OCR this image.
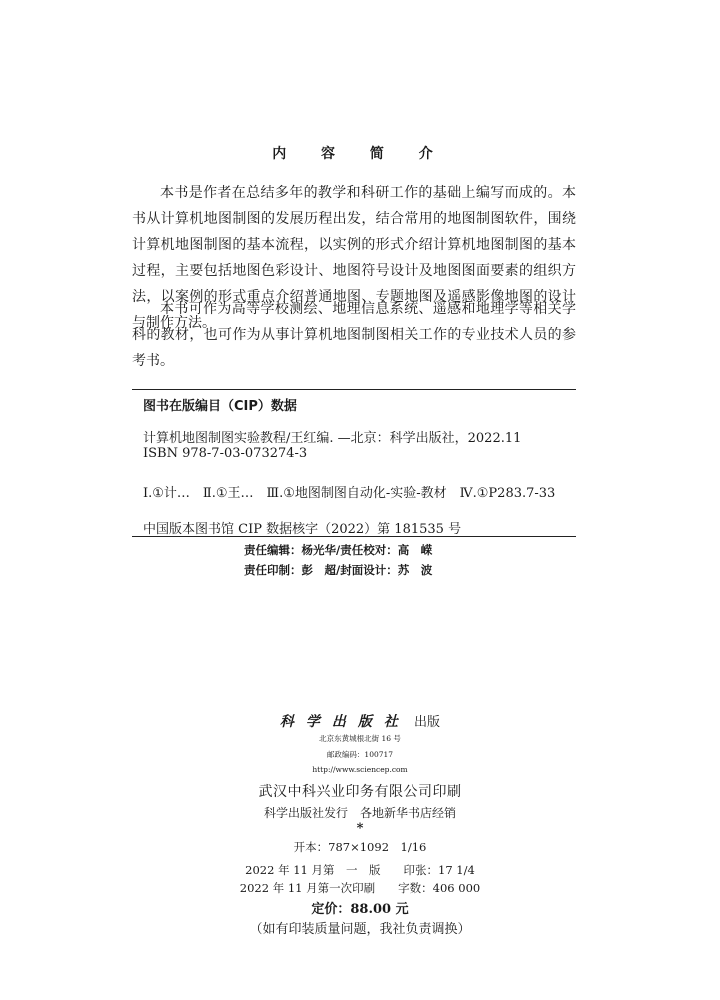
内 容 简 介
本书是作者在总结多年的教学和科研工作的基础上编写而成的。本书从计算机地图制图的发展历程出发，结合常用的地图制图软件，围绕计算机地图制图的基本流程，以实例的形式介绍计算机地图制图的基本过程，主要包括地图色彩设计、地图符号设计及地图图面要素的组织方法，以案例的形式重点介绍普通地图、专题地图及遥感影像地图的设计与制作方法。
本书可作为高等学校测绘、地理信息系统、遥感和地理学等相关学科的教材，也可作为从事计算机地图制图相关工作的专业技术人员的参考书。
图书在版编目（CIP）数据
计算机地图制图实验教程/王红编. —北京：科学出版社，2022.11
ISBN 978-7-03-073274-3
Ⅰ.①计…　Ⅱ.①王…　Ⅲ.①地图制图自动化-实验-教材　Ⅳ.①P283.7-33
中国版本图书馆 CIP 数据核字（2022）第 181535 号
责任编辑：杨光华/责任校对：高　嵘
责任印制：彭　超/封面设计：苏　波
科学出版社 出版
北京东黄城根北街 16 号
邮政编码：100717
http://www.sciencep.com
武汉中科兴业印务有限公司印刷
科学出版社发行　各地新华书店经销
*
开本：787×1092　1/16
2022 年 11 月第　一　版　　印张：17 1/4
2022 年 11 月第一次印刷　　字数：406 000
定价：88.00 元
（如有印装质量问题，我社负责调换）
